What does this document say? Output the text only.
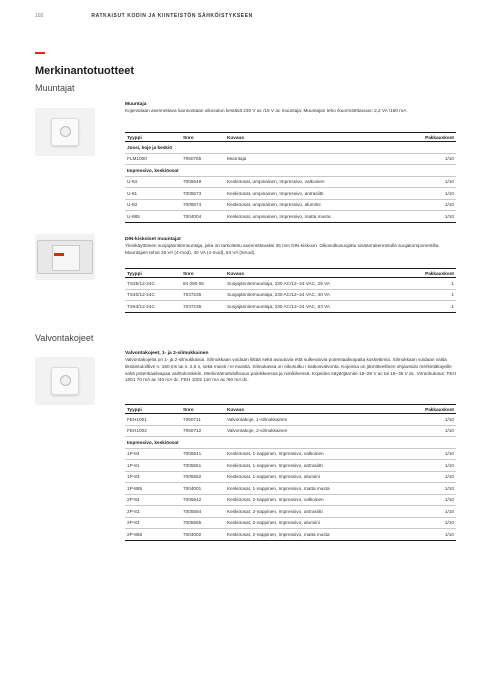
102	RATKAISUT KODIN JA KIINTEISTÖN SÄHKÖISTYKSEEN
Merkinantotuotteet
Muuntajat
Muuntaja
Kojerasiaan asennettava luonnostaan oikosulun kestävä 230 V ac /15 V ac muuntaja. Muuntajan teho /kuormitettavuus: 2,2 VA /150 mA.
Tyyppi	Snro	Kuvaus	Pakkauskoot
Jussi, koje ja keskiö			
FLM1000	7060765	Muuntaja	1/10
Impressivo, keskiöosat			
U-84	7005549	Keskiöosat, umpinainen, Impressivo, valkoinen	1/10
U-81	7005573	Keskiöosat, umpinainen, Impressivo, antrasiitti	1/10
U-83	7005574	Keskiöosat, umpinainen, Impressivo, alumiini	1/10
U-885	7004004	Keskiöosat, umpinainen, Impressivo, matta musta	1/10
DIN-kiskoiset muuntajat
Yleiskäyttöinen suojajännitemuuntaja, joka on tarkoitettu asennettavaksi 35 mm DIN-kiskoon. Oikosulkusuojattu sisäänrakennetulla suojakomponentilla. Muuntajien tehot 25 VA (4-mod), 40 VA (4-mod), 63 VA (5mod).
Tyyppi	Snro	Kuvaus	Pakkauskoot
TS25/12-24C	84 090 06	Suojajännitemuuntaja, 230 AC/12–24 VAC, 25 VA	1
TS40/12-24C	7037235	Suojajännitemuuntaja, 230 AC/12–24 VAC, 40 VA	1
TS63/12-24C	7037236	Suojajännitemuuntaja, 230 AC/12–24 VAC, 63 VA	1
Valvontakojeet
Valvontakojeet, 1- ja 2-silmukkainen
Valvontakojeita on 1- ja 2-silmukkaisia. Silmukkaan voidaan liittää sekä avautuvia että sulkeutuvia potentiaalivapaita koskettimia. Silmukkaan voidaan valita tiksäintuloiltive n. 150 ms tai n. 2,5 s, sekä muisti / ei muistia. Silmukassa on oikosulku / katkosvalvonta. Kojeissa on jännitteellinen ohjaustulo merkintäkojeille sekä potentiaalivapaa vaihtokosketin. Merkintämahdollisuus painikkeessa ja nimikilvessä. Kojeiden käyttöjännite 15–28 V ac tai 18–35 V dc. Virrankulutus: FEH 1001 70 mA ac /40 mA dc, FEH 1002 110 mA ac /60 mA dc.
Tyyppi	Snro	Kuvaus	Pakkauskoot
FEH1001	7060711	Valvontakoje, 1-silmukkainen	1/10
FEH1002	7060712	Valvontakoje, 2-silmukkainen	1/10
Impressivo, keskiöosat			
1P-84	7005541	Keskiöosat, 1-nappinen, Impressivo, valkoinen	1/10
1P-81	7005551	Keskiöosat, 1-nappinen, Impressivo, antrasiitti	1/10
1P-83	7005552	Keskiöosat, 1-nappinen, Impressivo, alumiini	1/10
1P-885	7004001	Keskiöosat, 1-nappinen, Impressivo, matta musta	1/10
2P-84	7005542	Keskiöosat, 2-nappinen, Impressivo, valkoinen	1/10
2P-81	7005554	Keskiöosat, 2-nappinen, Impressivo, antrasiitti	1/10
2P-83	7005555	Keskiöosat, 2-nappinen, Impressivo, alumiini	1/10
2P-885	7004002	Keskiöosat, 2-nappinen, Impressivo, matta musta	1/10
